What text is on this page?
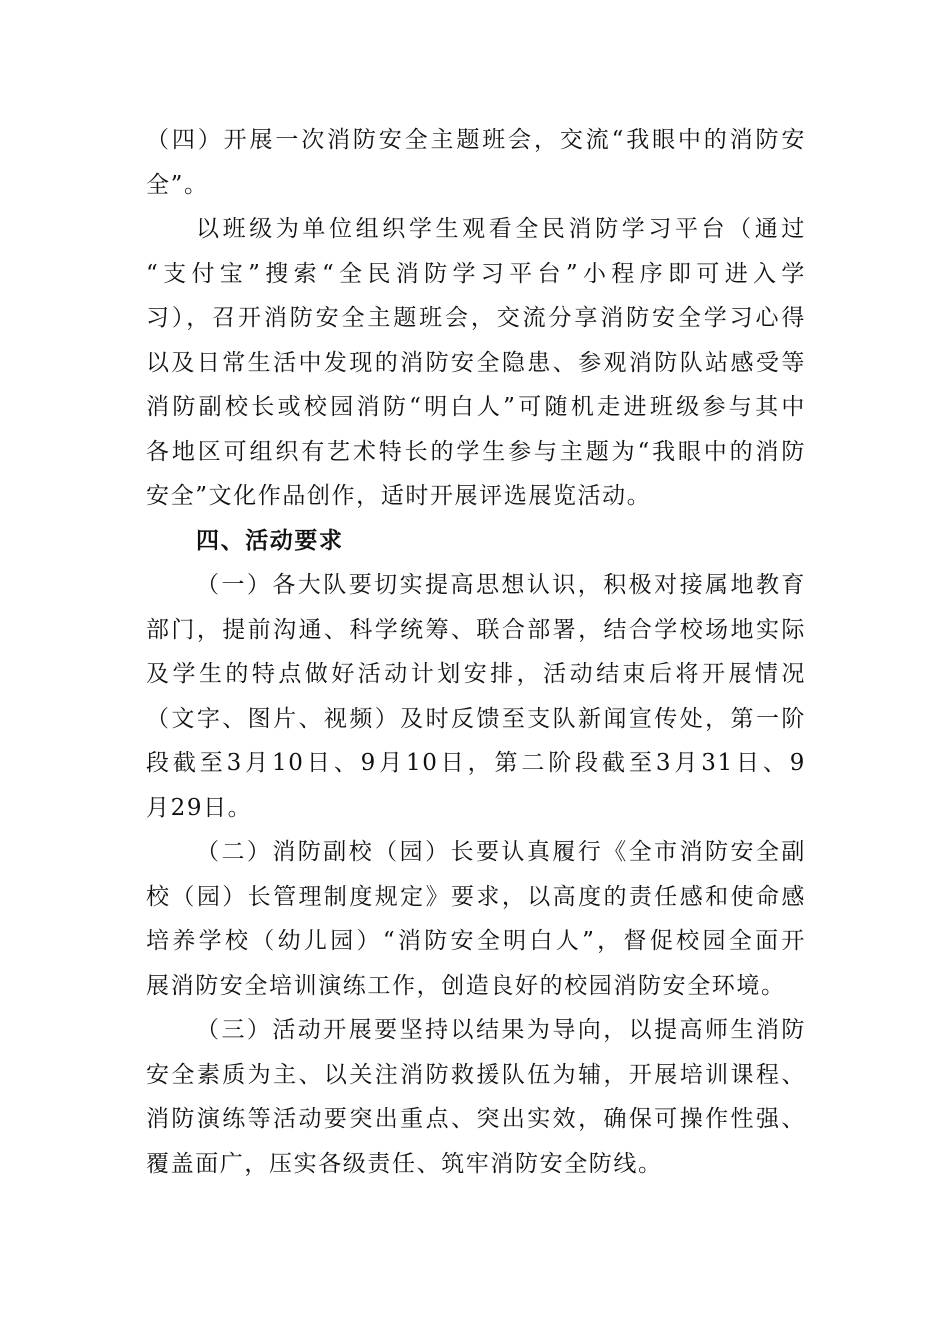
（四）开展一次消防安全主题班会，交流“我眼中的消防安
全”。
以班级为单位组织学生观看全民消防学习平台（通过
“支付宝”搜索“全民消防学习平台”小程序即可进入学
习），召开消防安全主题班会，交流分享消防安全学习心得
以及日常生活中发现的消防安全隐患、参观消防队站感受等
消防副校长或校园消防“明白人”可随机走进班级参与其中
各地区可组织有艺术特长的学生参与主题为“我眼中的消防
安全”文化作品创作，适时开展评选展览活动。
四、活动要求
（一）各大队要切实提高思想认识，积极对接属地教育
部门，提前沟通、科学统筹、联合部署，结合学校场地实际
及学生的特点做好活动计划安排，活动结束后将开展情况
（文字、图片、视频）及时反馈至支队新闻宣传处，第一阶
段截至3月10日、9月10日，第二阶段截至3月31日、9
月29日。
（二）消防副校（园）长要认真履行《全市消防安全副
校（园）长管理制度规定》要求，以高度的责任感和使命感
培养学校（幼儿园）“消防安全明白人”，督促校园全面开
展消防安全培训演练工作，创造良好的校园消防安全环境。
（三）活动开展要坚持以结果为导向，以提高师生消防
安全素质为主、以关注消防救援队伍为辅，开展培训课程、
消防演练等活动要突出重点、突出实效，确保可操作性强、
覆盖面广，压实各级责任、筑牢消防安全防线。
